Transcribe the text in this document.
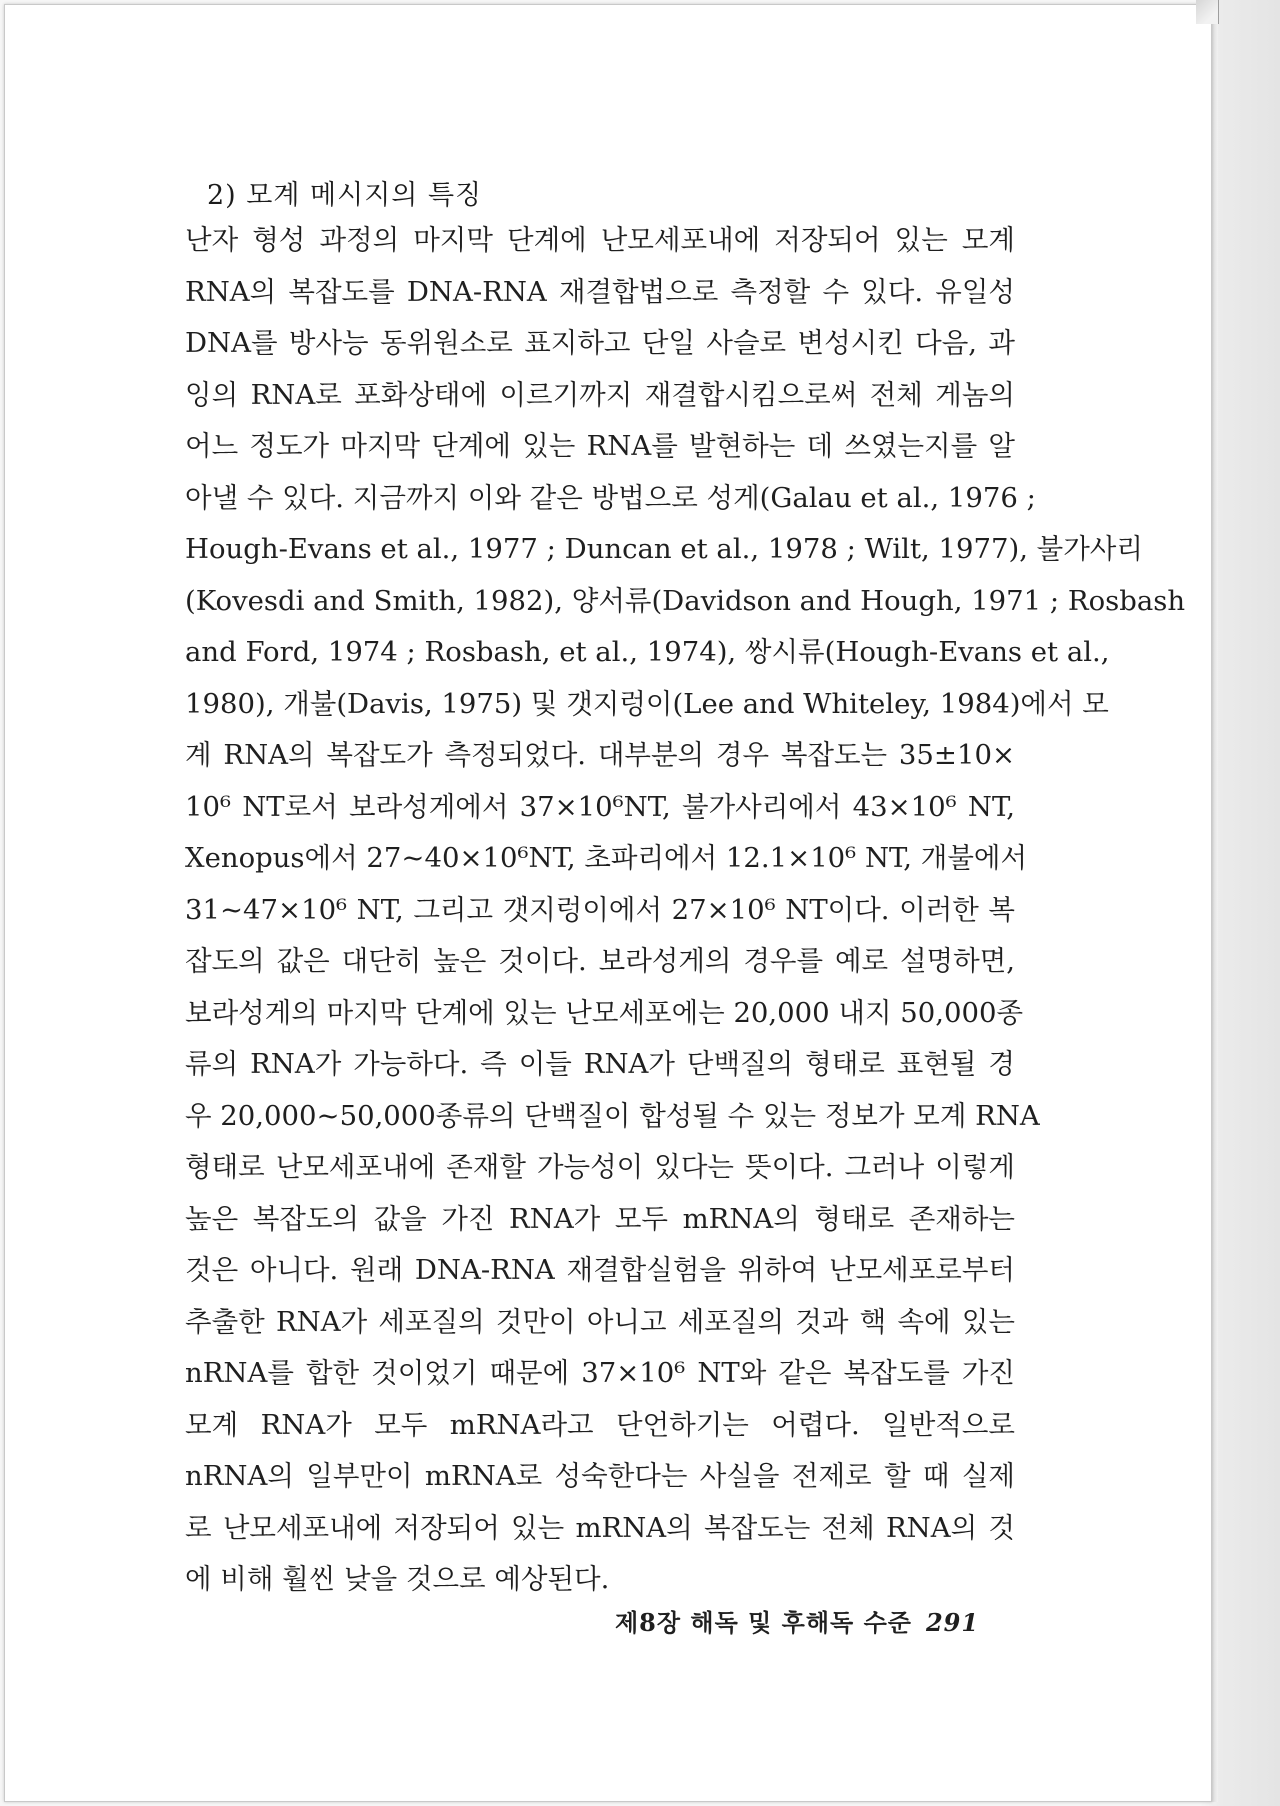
2) 모계 메시지의 특징
난자 형성 과정의 마지막 단계에 난모세포내에 저장되어 있는 모계
RNA의 복잡도를 DNA-RNA 재결합법으로 측정할 수 있다. 유일성
DNA를 방사능 동위원소로 표지하고 단일 사슬로 변성시킨 다음, 과
잉의 RNA로 포화상태에 이르기까지 재결합시킴으로써 전체 게놈의
어느 정도가 마지막 단계에 있는 RNA를 발현하는 데 쓰였는지를 알
아낼 수 있다. 지금까지 이와 같은 방법으로 성게(Galau et al., 1976 ;
Hough-Evans et al., 1977 ; Duncan et al., 1978 ; Wilt, 1977), 불가사리
(Kovesdi and Smith, 1982), 양서류(Davidson and Hough, 1971 ; Rosbash
and Ford, 1974 ; Rosbash, et al., 1974), 쌍시류(Hough-Evans et al.,
1980), 개불(Davis, 1975) 및 갯지렁이(Lee and Whiteley, 1984)에서 모
계 RNA의 복잡도가 측정되었다. 대부분의 경우 복잡도는 35±10×
10⁶ NT로서 보라성게에서 37×10⁶NT, 불가사리에서 43×10⁶ NT,
Xenopus에서 27~40×10⁶NT, 초파리에서 12.1×10⁶ NT, 개불에서
31~47×10⁶ NT, 그리고 갯지렁이에서 27×10⁶ NT이다. 이러한 복
잡도의 값은 대단히 높은 것이다. 보라성게의 경우를 예로 설명하면,
보라성게의 마지막 단계에 있는 난모세포에는 20,000 내지 50,000종
류의 RNA가 가능하다. 즉 이들 RNA가 단백질의 형태로 표현될 경
우 20,000~50,000종류의 단백질이 합성될 수 있는 정보가 모계 RNA
형태로 난모세포내에 존재할 가능성이 있다는 뜻이다. 그러나 이렇게
높은 복잡도의 값을 가진 RNA가 모두 mRNA의 형태로 존재하는
것은 아니다. 원래 DNA-RNA 재결합실험을 위하여 난모세포로부터
추출한 RNA가 세포질의 것만이 아니고 세포질의 것과 핵 속에 있는
nRNA를 합한 것이었기 때문에 37×10⁶ NT와 같은 복잡도를 가진
모계 RNA가 모두 mRNA라고 단언하기는 어렵다. 일반적으로
nRNA의 일부만이 mRNA로 성숙한다는 사실을 전제로 할 때 실제
로 난모세포내에 저장되어 있는 mRNA의 복잡도는 전체 RNA의 것
에 비해 훨씬 낮을 것으로 예상된다.
제8장 해독 및 후해독 수준 291
